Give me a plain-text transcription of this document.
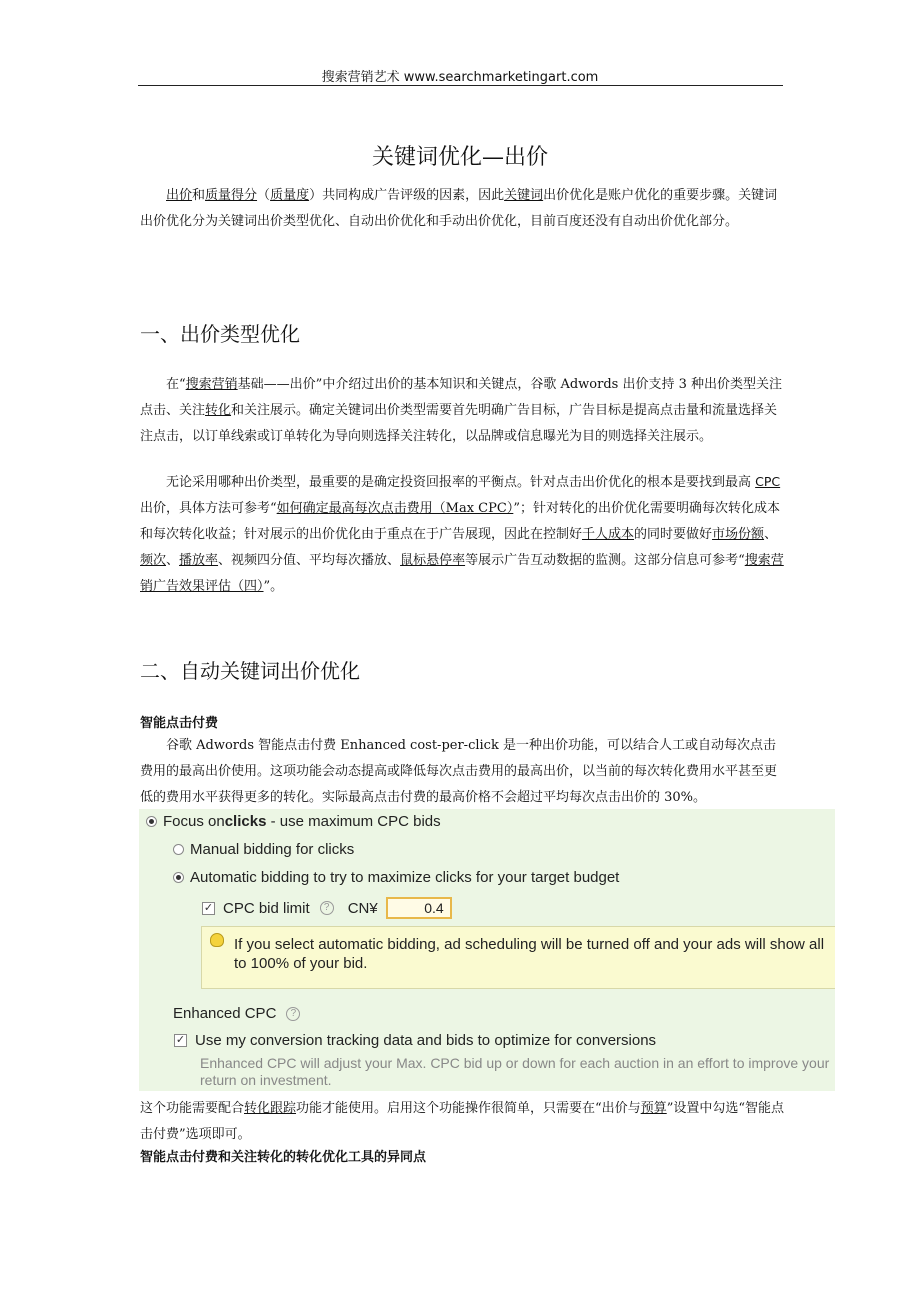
搜索营销艺术 www.searchmarketingart.com
关键词优化—出价

出价和质量得分（质量度）共同构成广告评级的因素，因此关键词出价优化是账户优化的重要步骤。关键词出价优化分为关键词出价类型优化、自动出价优化和手动出价优化，目前百度还没有自动出价优化部分。

一、出价类型优化

在“搜索营销基础——出价”中介绍过出价的基本知识和关键点，谷歌 Adwords 出价支持 3 种出价类型关注点击、关注转化和关注展示。确定关键词出价类型需要首先明确广告目标，广告目标是提高点击量和流量选择关注点击，以订单线索或订单转化为导向则选择关注转化，以品牌或信息曝光为目的则选择关注展示。

无论采用哪种出价类型，最重要的是确定投资回报率的平衡点。针对点击出价优化的根本是要找到最高 CPC 出价，具体方法可参考“如何确定最高每次点击费用（Max CPC）”；针对转化的出价优化需要明确每次转化成本和每次转化收益；针对展示的出价优化由于重点在于广告展现，因此在控制好千人成本的同时要做好市场份额、频次、播放率、视频四分值、平均每次播放、鼠标悬停率等展示广告互动数据的监测。这部分信息可参考“搜索营销广告效果评估（四）”。

二、自动关键词出价优化

智能点击付费

谷歌 Adwords 智能点击付费 Enhanced cost-per-click 是一种出价功能，可以结合人工或自动每次点击费用的最高出价使用。这项功能会动态提高或降低每次点击费用的最高出价，以当前的每次转化费用水平甚至更低的费用水平获得更多的转化。实际最高点击付费的最高价格不会超过平均每次点击出价的 30%。

Focus on clicks - use maximum CPC bids
Manual bidding for clicks
Automatic bidding to try to maximize clicks for your target budget
✓ CPC bid limit	? CN¥	0.4
If you select automatic bidding, ad scheduling will be turned off and your ads will show all to 100% of your bid.
Enhanced CPC	?
✓ Use my conversion tracking data and bids to optimize for conversions
Enhanced CPC will adjust your Max. CPC bid up or down for each auction in an effort to improve your return on investment.

这个功能需要配合转化跟踪功能才能使用。启用这个功能操作很简单，只需要在“出价与预算”设置中勾选“智能点击付费”选项即可。

智能点击付费和关注转化的转化优化工具的异同点
